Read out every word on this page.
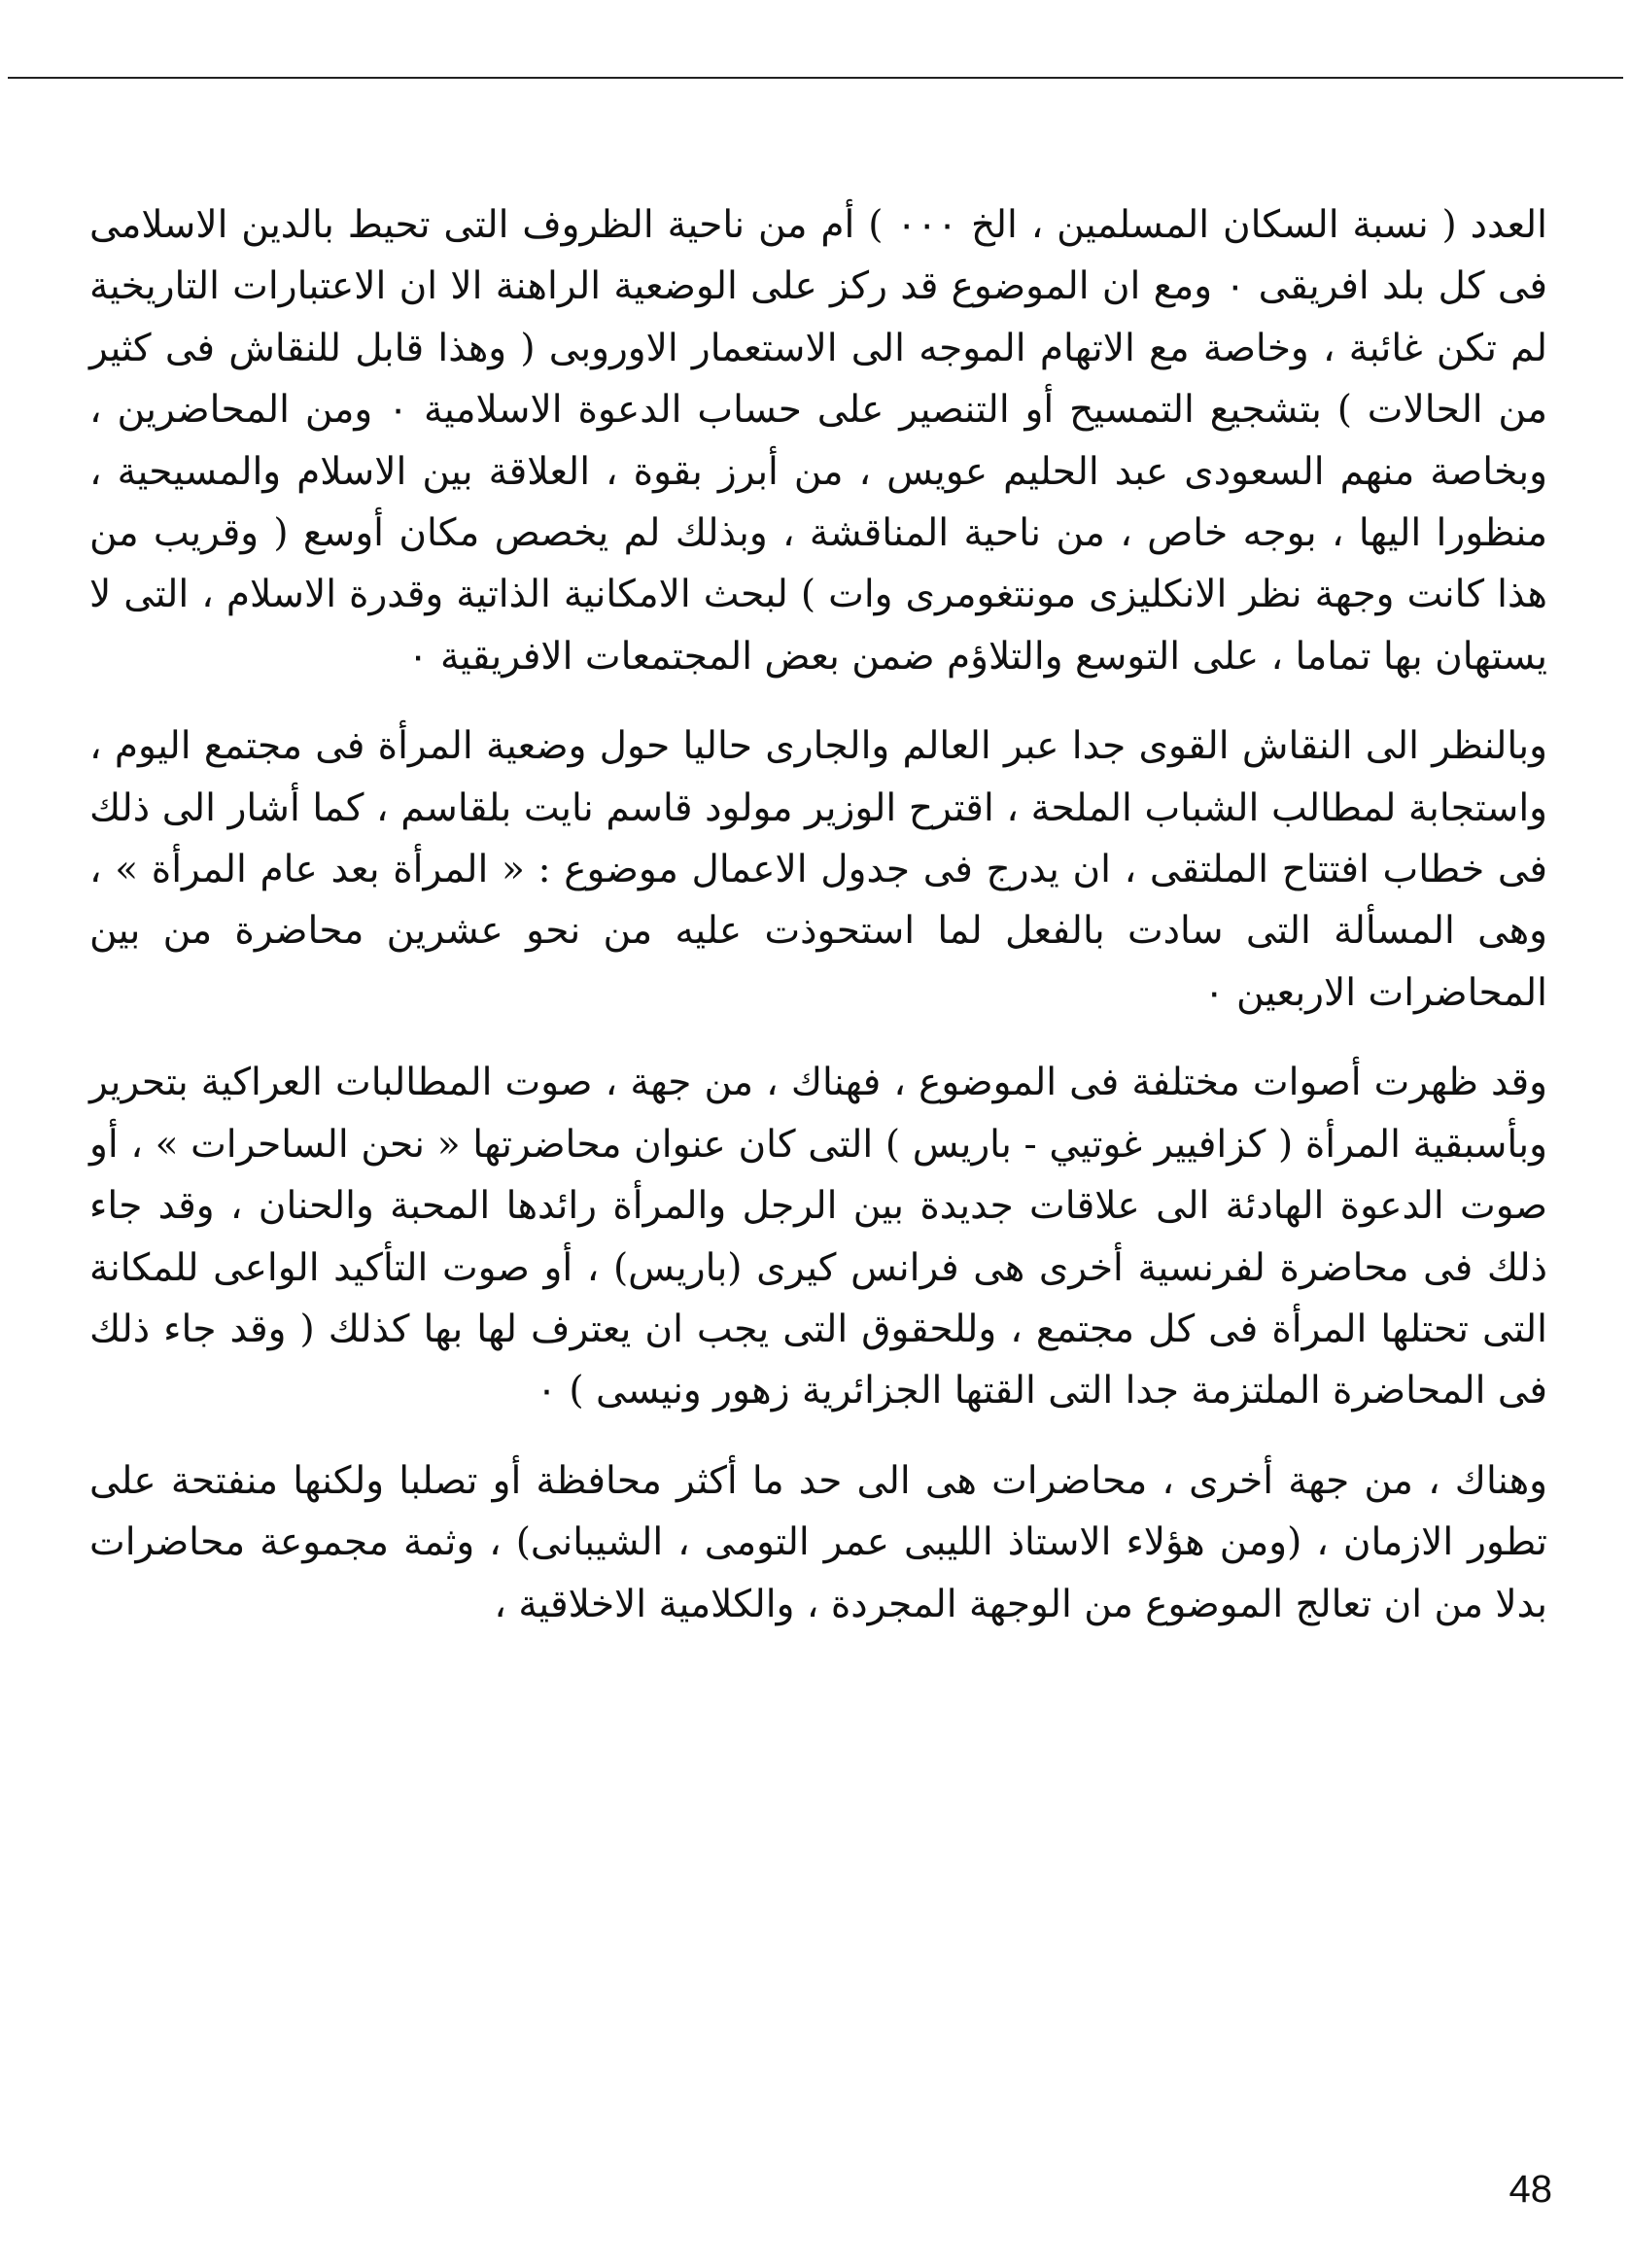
العدد ( نسبة السكان المسلمين ، الخ ٠٠٠ ) أم من ناحية الظروف التى تحيط بالدين الاسلامى فى كل بلد افريقى ٠ ومع ان الموضوع قد ركز على الوضعية الراهنة الا ان الاعتبارات التاريخية لم تكن غائبة ، وخاصة مع الاتهام الموجه الى الاستعمار الاوروبى ( وهذا قابل للنقاش فى كثير من الحالات ) بتشجيع التمسيح أو التنصير على حساب الدعوة الاسلامية ٠ ومن المحاضرين ، وبخاصة منهم السعودى عبد الحليم عويس ، من أبرز بقوة ، العلاقة بين الاسلام والمسيحية ، منظورا اليها ، بوجه خاص ، من ناحية المناقشة ، وبذلك لم يخصص مكان أوسع ( وقريب من هذا كانت وجهة نظر الانكليزى مونتغومرى وات ) لبحث الامكانية الذاتية وقدرة الاسلام ، التى لا يستهان بها تماما ، على التوسع والتلاؤم ضمن بعض المجتمعات الافريقية ٠

وبالنظر الى النقاش القوى جدا عبر العالم والجارى حاليا حول وضعية المرأة فى مجتمع اليوم ، واستجابة لمطالب الشباب الملحة ، اقترح الوزير مولود قاسم نايت بلقاسم ، كما أشار الى ذلك فى خطاب افتتاح الملتقى ، ان يدرج فى جدول الاعمال موضوع : « المرأة بعد عام المرأة » ، وهى المسألة التى سادت بالفعل لما استحوذت عليه من نحو عشرين محاضرة من بين المحاضرات الاربعين ٠

وقد ظهرت أصوات مختلفة فى الموضوع ، فهناك ، من جهة ، صوت المطالبات العراكية بتحرير وبأسبقية المرأة ( كزافيير غوتيي - باريس ) التى كان عنوان محاضرتها « نحن الساحرات » ، أو صوت الدعوة الهادئة الى علاقات جديدة بين الرجل والمرأة رائدها المحبة والحنان ، وقد جاء ذلك فى محاضرة لفرنسية أخرى هى فرانس كيرى (باريس) ، أو صوت التأكيد الواعى للمكانة التى تحتلها المرأة فى كل مجتمع ، وللحقوق التى يجب ان يعترف لها بها كذلك ( وقد جاء ذلك فى المحاضرة الملتزمة جدا التى القتها الجزائرية زهور ونيسى ) ٠

وهناك ، من جهة أخرى ، محاضرات هى الى حد ما أكثر محافظة أو تصلبا ولكنها منفتحة على تطور الازمان ، (ومن هؤلاء الاستاذ الليبى عمر التومى ، الشيبانى) ، وثمة مجموعة محاضرات بدلا من ان تعالج الموضوع من الوجهة المجردة ، والكلامية الاخلاقية ،

48
